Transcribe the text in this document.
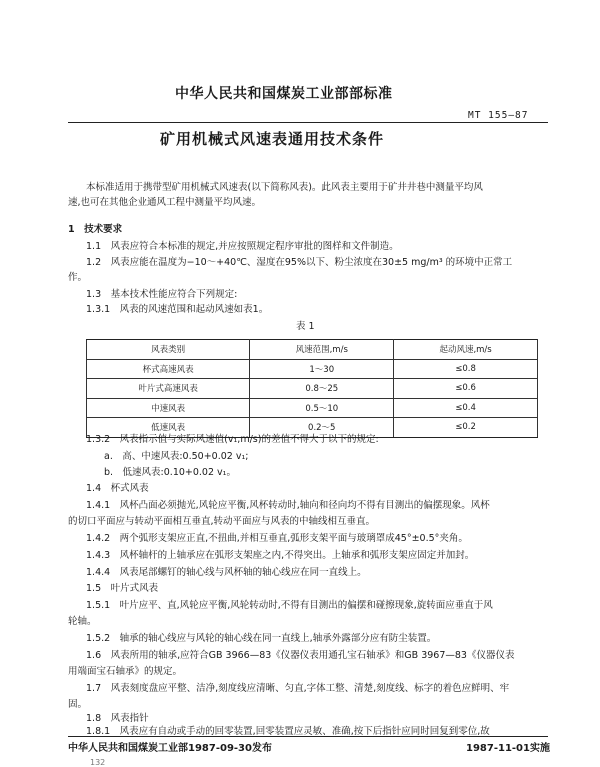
中华人民共和国煤炭工业部部标准
MT 155—87
矿用机械式风速表通用技术条件
本标准适用于携带型矿用机械式风速表(以下简称风表)。此风表主要用于矿井井巷中测量平均风
速,也可在其他企业通风工程中测量平均风速。
1　技术要求
1.1　风表应符合本标准的规定,并应按照规定程序审批的图样和文件制造。
1.2　风表应能在温度为−10～+40℃、湿度在95%以下、粉尘浓度在30±5 mg/m³ 的环境中正常工
作。
1.3　基本技术性能应符合下列规定:
1.3.1　风表的风速范围和起动风速如表1。
表 1
风表类别	风速范围,m/s	起动风速,m/s
杯式高速风表	1～30	≤0.8
叶片式高速风表	0.8～25	≤0.6
中速风表	0.5～10	≤0.4
低速风表	0.2～5	≤0.2
1.3.2　风表指示值与实际风速值(v₁,m/s)的差值不得大于以下的规定:
a.　高、中速风表:0.50+0.02 v₁;
b.　低速风表:0.10+0.02 v₁。
1.4　杯式风表
1.4.1　风杯凸面必须抛光,风轮应平衡,风杯转动时,轴向和径向均不得有目测出的偏摆现象。风杯
的切口平面应与转动平面相互垂直,转动平面应与风表的中轴线相互垂直。
1.4.2　两个弧形支架应正直,不扭曲,并相互垂直,弧形支架平面与玻璃罩成45°±0.5°夹角。
1.4.3　风杯轴杆的上轴承应在弧形支架座之内,不得突出。上轴承和弧形支架应固定并加封。
1.4.4　风表尾部螺钉的轴心线与风杯轴的轴心线应在同一直线上。
1.5　叶片式风表
1.5.1　叶片应平、直,风轮应平衡,风轮转动时,不得有目测出的偏摆和碰擦现象,旋转面应垂直于风
轮轴。
1.5.2　轴承的轴心线应与风轮的轴心线在同一直线上,轴承外露部分应有防尘装置。
1.6　风表所用的轴承,应符合GB 3966—83《仪器仪表用通孔宝石轴承》和GB 3967—83《仪器仪表
用端面宝石轴承》的规定。
1.7　风表刻度盘应平整、洁净,刻度线应清晰、匀直,字体工整、清楚,刻度线、标字的着色应鲜明、牢
固。
1.8　风表指针
1.8.1　风表应有自动或手动的回零装置,回零装置应灵敏、准确,按下后指针应同时回复到零位,故
中华人民共和国煤炭工业部1987-09-30发布	1987-11-01实施
132
